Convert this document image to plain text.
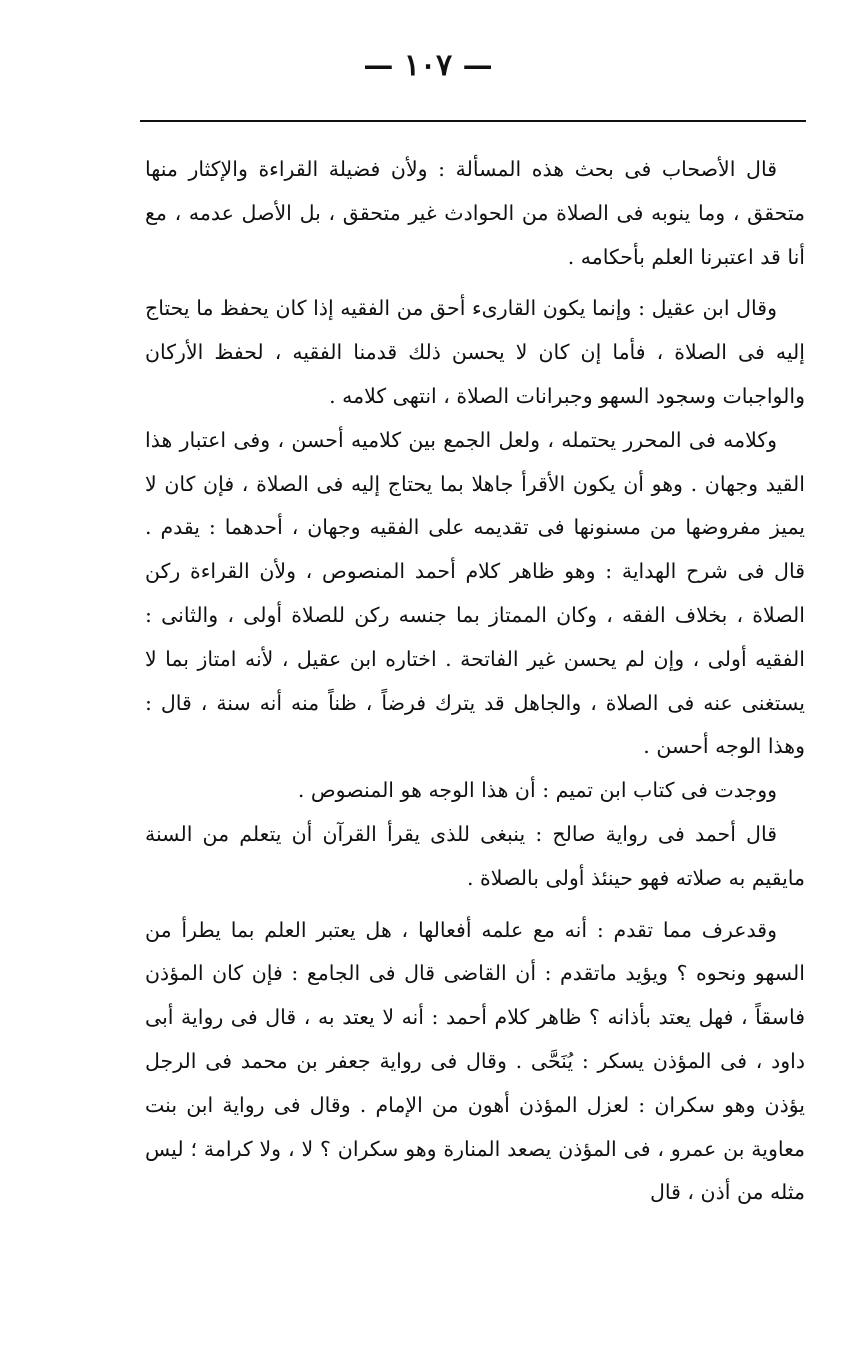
— ١٠٧ —

قال الأصحاب فى بحث هذه المسألة : ولأن فضيلة القراءة والإكثار منها متحقق ، وما ينوبه فى الصلاة من الحوادث غير متحقق ، بل الأصل عدمه ، مع أنا قد اعتبرنا العلم بأحكامه .

وقال ابن عقيل : وإنما يكون القارىء أحق من الفقيه إذا كان يحفظ ما يحتاج إليه فى الصلاة ، فأما إن كان لا يحسن ذلك قدمنا الفقيه ، لحفظ الأركان والواجبات وسجود السهو وجبرانات الصلاة ، انتهى كلامه .

وكلامه فى المحرر يحتمله ، ولعل الجمع بين كلاميه أحسن ، وفى اعتبار هذا القيد وجهان . وهو أن يكون الأقرأ جاهلا بما يحتاج إليه فى الصلاة ، فإن كان لا يميز مفروضها من مسنونها فى تقديمه على الفقيه وجهان ، أحدهما : يقدم . قال فى شرح الهداية : وهو ظاهر كلام أحمد المنصوص ، ولأن القراءة ركن الصلاة ، بخلاف الفقه ، وكان الممتاز بما جنسه ركن للصلاة أولى ، والثانى : الفقيه أولى ، وإن لم يحسن غير الفاتحة . اختاره ابن عقيل ، لأنه امتاز بما لا يستغنى عنه فى الصلاة ، والجاهل قد يترك فرضاً ، ظناً منه أنه سنة ، قال : وهذا الوجه أحسن .

ووجدت فى كتاب ابن تميم : أن هذا الوجه هو المنصوص .

قال أحمد فى رواية صالح : ينبغى للذى يقرأ القرآن أن يتعلم من السنة مايقيم به صلاته فهو حينئذ أولى بالصلاة .

وقدعرف مما تقدم : أنه مع علمه أفعالها ، هل يعتبر العلم بما يطرأ من السهو ونحوه ؟ ويؤيد ماتقدم : أن القاضى قال فى الجامع : فإن كان المؤذن فاسقاً ، فهل يعتد بأذانه ؟ ظاهر كلام أحمد : أنه لا يعتد به ، قال فى رواية أبى داود ، فى المؤذن يسكر : يُنَحَّى . وقال فى رواية جعفر بن محمد فى الرجل يؤذن وهو سكران : لعزل المؤذن أهون من الإمام . وقال فى رواية ابن بنت معاوية بن عمرو ، فى المؤذن يصعد المنارة وهو سكران ؟ لا ، ولا كرامة ؛ ليس مثله من أذن ، قال
